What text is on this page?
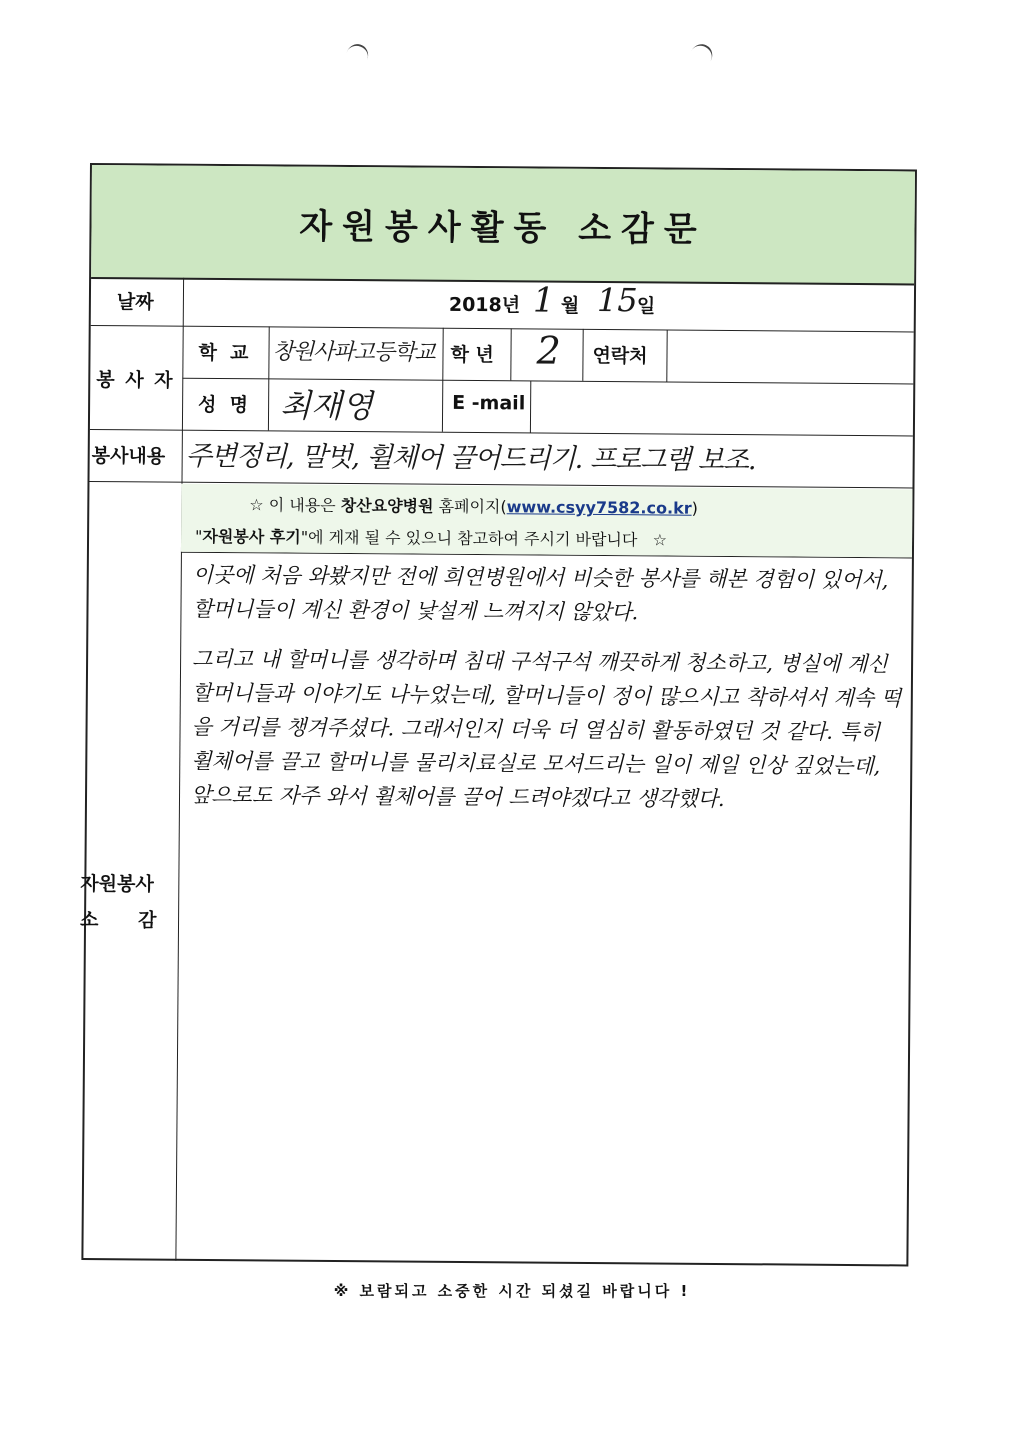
자원봉사활동 소감문
날짜	2018년 1 월 15
일
봉 사 자
학  교 창원사파고등학교 학 년 2 연락처
성  명 최재영	E -mail
봉사내용 주변정리, 말벗, 휠체어 끌어드리기. 프로그램 보조.
☆ 이 내용은 창산요양병원 홈페이지(www.csyy7582.co.kr)
"자원봉사 후기"에 게재 될 수 있으니 참고하여 주시기 바랍니다 ☆
자원봉사
소      감

이곳에 처음 와봤지만 전에 희연병원에서 비슷한 봉사를 해본 경험이 있어서, 할머니들이 계신 환경이 낯설게 느껴지지 않았다.

그리고 내 할머니를 생각하며 침대 구석구석 깨끗하게 청소하고, 병실에 계신 할머니들과 이야기도 나누었는데, 할머니들이 정이 많으시고 착하셔서 계속 떡을 거리를 챙겨주셨다. 그래서인지 더욱 더 열심히 활동하였던 것 같다. 특히 휠체어를 끌고 할머니를 물리치료실로 모셔드리는 일이 제일 인상 깊었는데, 앞으로도 자주 와서 휠체어를 끌어 드려야겠다고 생각했다.

※ 보람되고 소중한 시간 되셨길 바랍니다 !
